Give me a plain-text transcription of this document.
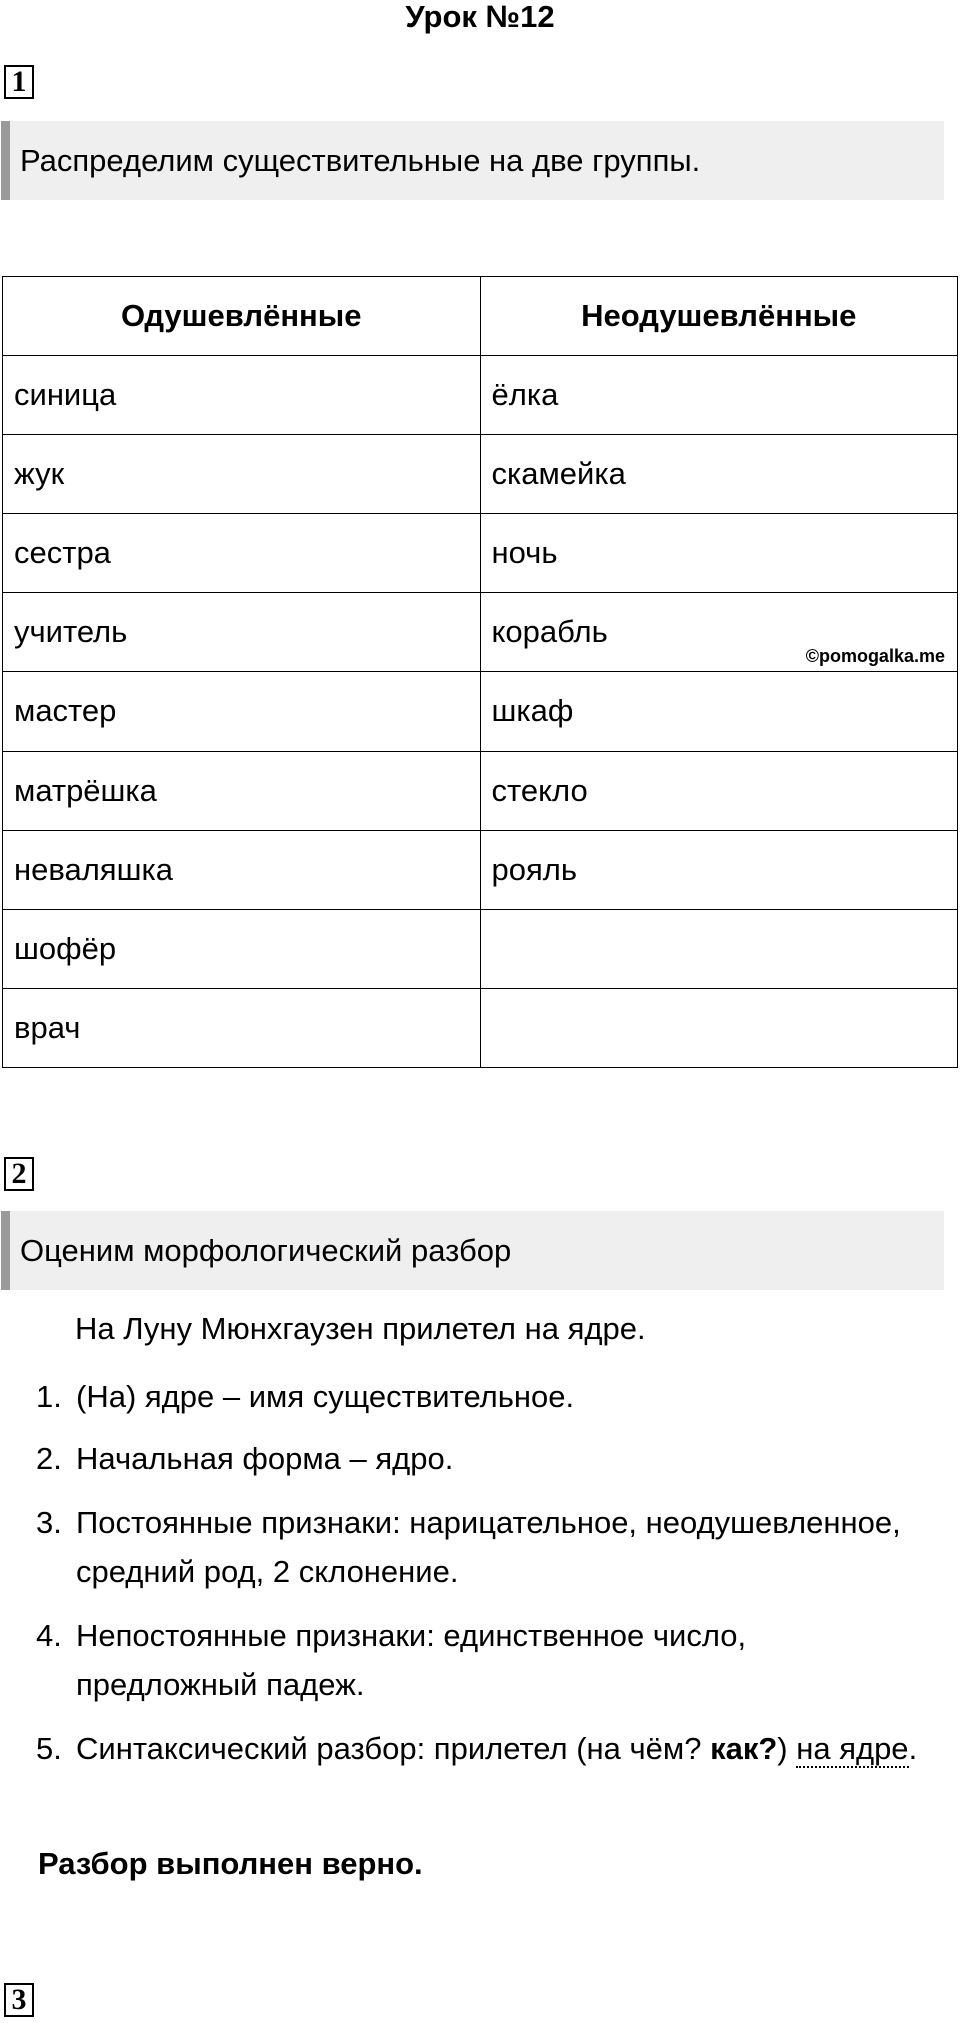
Урок №12
1
Распределим существительные на две группы.
Одушевлённые	Неодушевлённые
синица	ёлка
жук	скамейка
сестра	ночь
учитель	корабль
©pomogalka.me

мастер	шкаф
матрёшка	стекло
неваляшка	рояль
шофёр	
врач	
2
Оценим морфологический разбор
На Луну Мюнхгаузен прилетел на ядре.
1. (На) ядре – имя существительное.
2. Начальная форма – ядро.
3. Постоянные признаки: нарицательное, неодушевленное, средний род, 2 склонение.
4. Непостоянные признаки: единственное число, предложный падеж.
5. Синтаксический разбор: прилетел (на чём? как?) на ядре.
Разбор выполнен верно.
3
